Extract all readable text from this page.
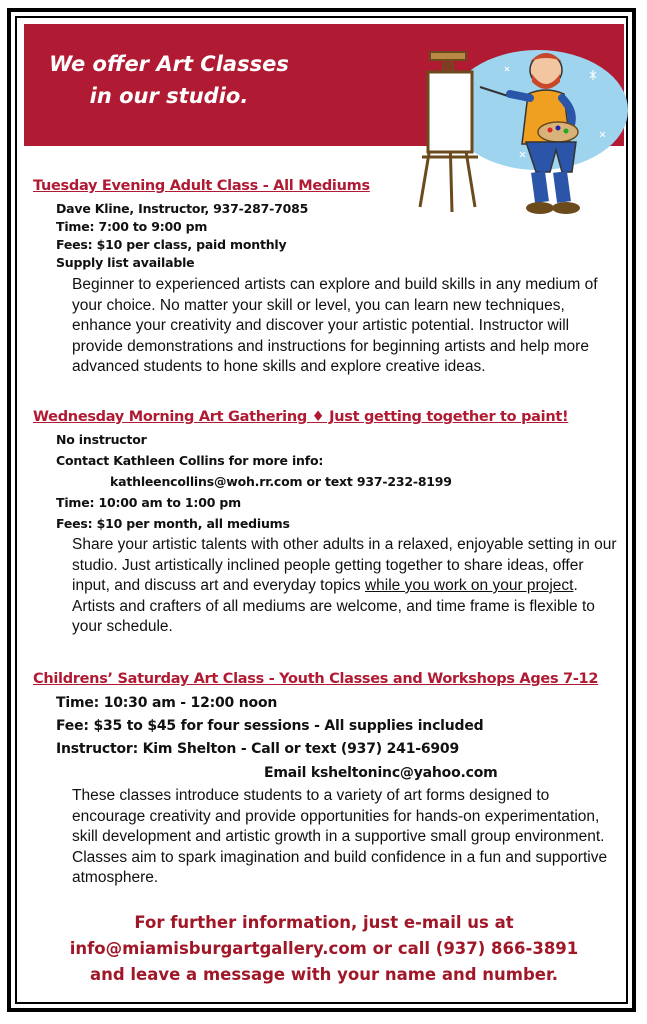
We offer Art Classes
in our studio.
Tuesday Evening Adult Class - All Mediums
Dave Kline, Instructor, 937-287-7085
Time: 7:00 to 9:00 pm
Fees: $10 per class, paid monthly
Supply list available

Beginner to experienced artists can explore and build skills in any medium of your choice. No matter your skill or level, you can learn new techniques, enhance your creativity and discover your artistic potential. Instructor will provide demonstrations and instructions for beginning artists and help more advanced students to hone skills and explore creative ideas.

Wednesday Morning Art Gathering ♦ Just getting together to paint!
No instructor
Contact Kathleen Collins for more info:
kathleencollins@woh.rr.com or text 937-232-8199
Time: 10:00 am to 1:00 pm
Fees: $10 per month, all mediums

Share your artistic talents with other adults in a relaxed, enjoyable setting in our studio. Just artistically inclined people getting together to share ideas, offer input, and discuss art and everyday topics while you work on your project. Artists and crafters of all mediums are welcome, and time frame is flexible to your schedule.

Childrens’ Saturday Art Class - Youth Classes and Workshops Ages 7-12
Time: 10:30 am - 12:00 noon
Fee: $35 to $45 for four sessions - All supplies included
Instructor: Kim Shelton - Call or text (937) 241-6909
Email ksheltoninc@yahoo.com

These classes introduce students to a variety of art forms designed to encourage creativity and provide opportunities for hands-on experimentation, skill development and artistic growth in a supportive small group environment. Classes aim to spark imagination and build confidence in a fun and supportive atmosphere.

For further information, just e-mail us at
info@miamisburgartgallery.com or call (937) 866-3891
and leave a message with your name and number.
